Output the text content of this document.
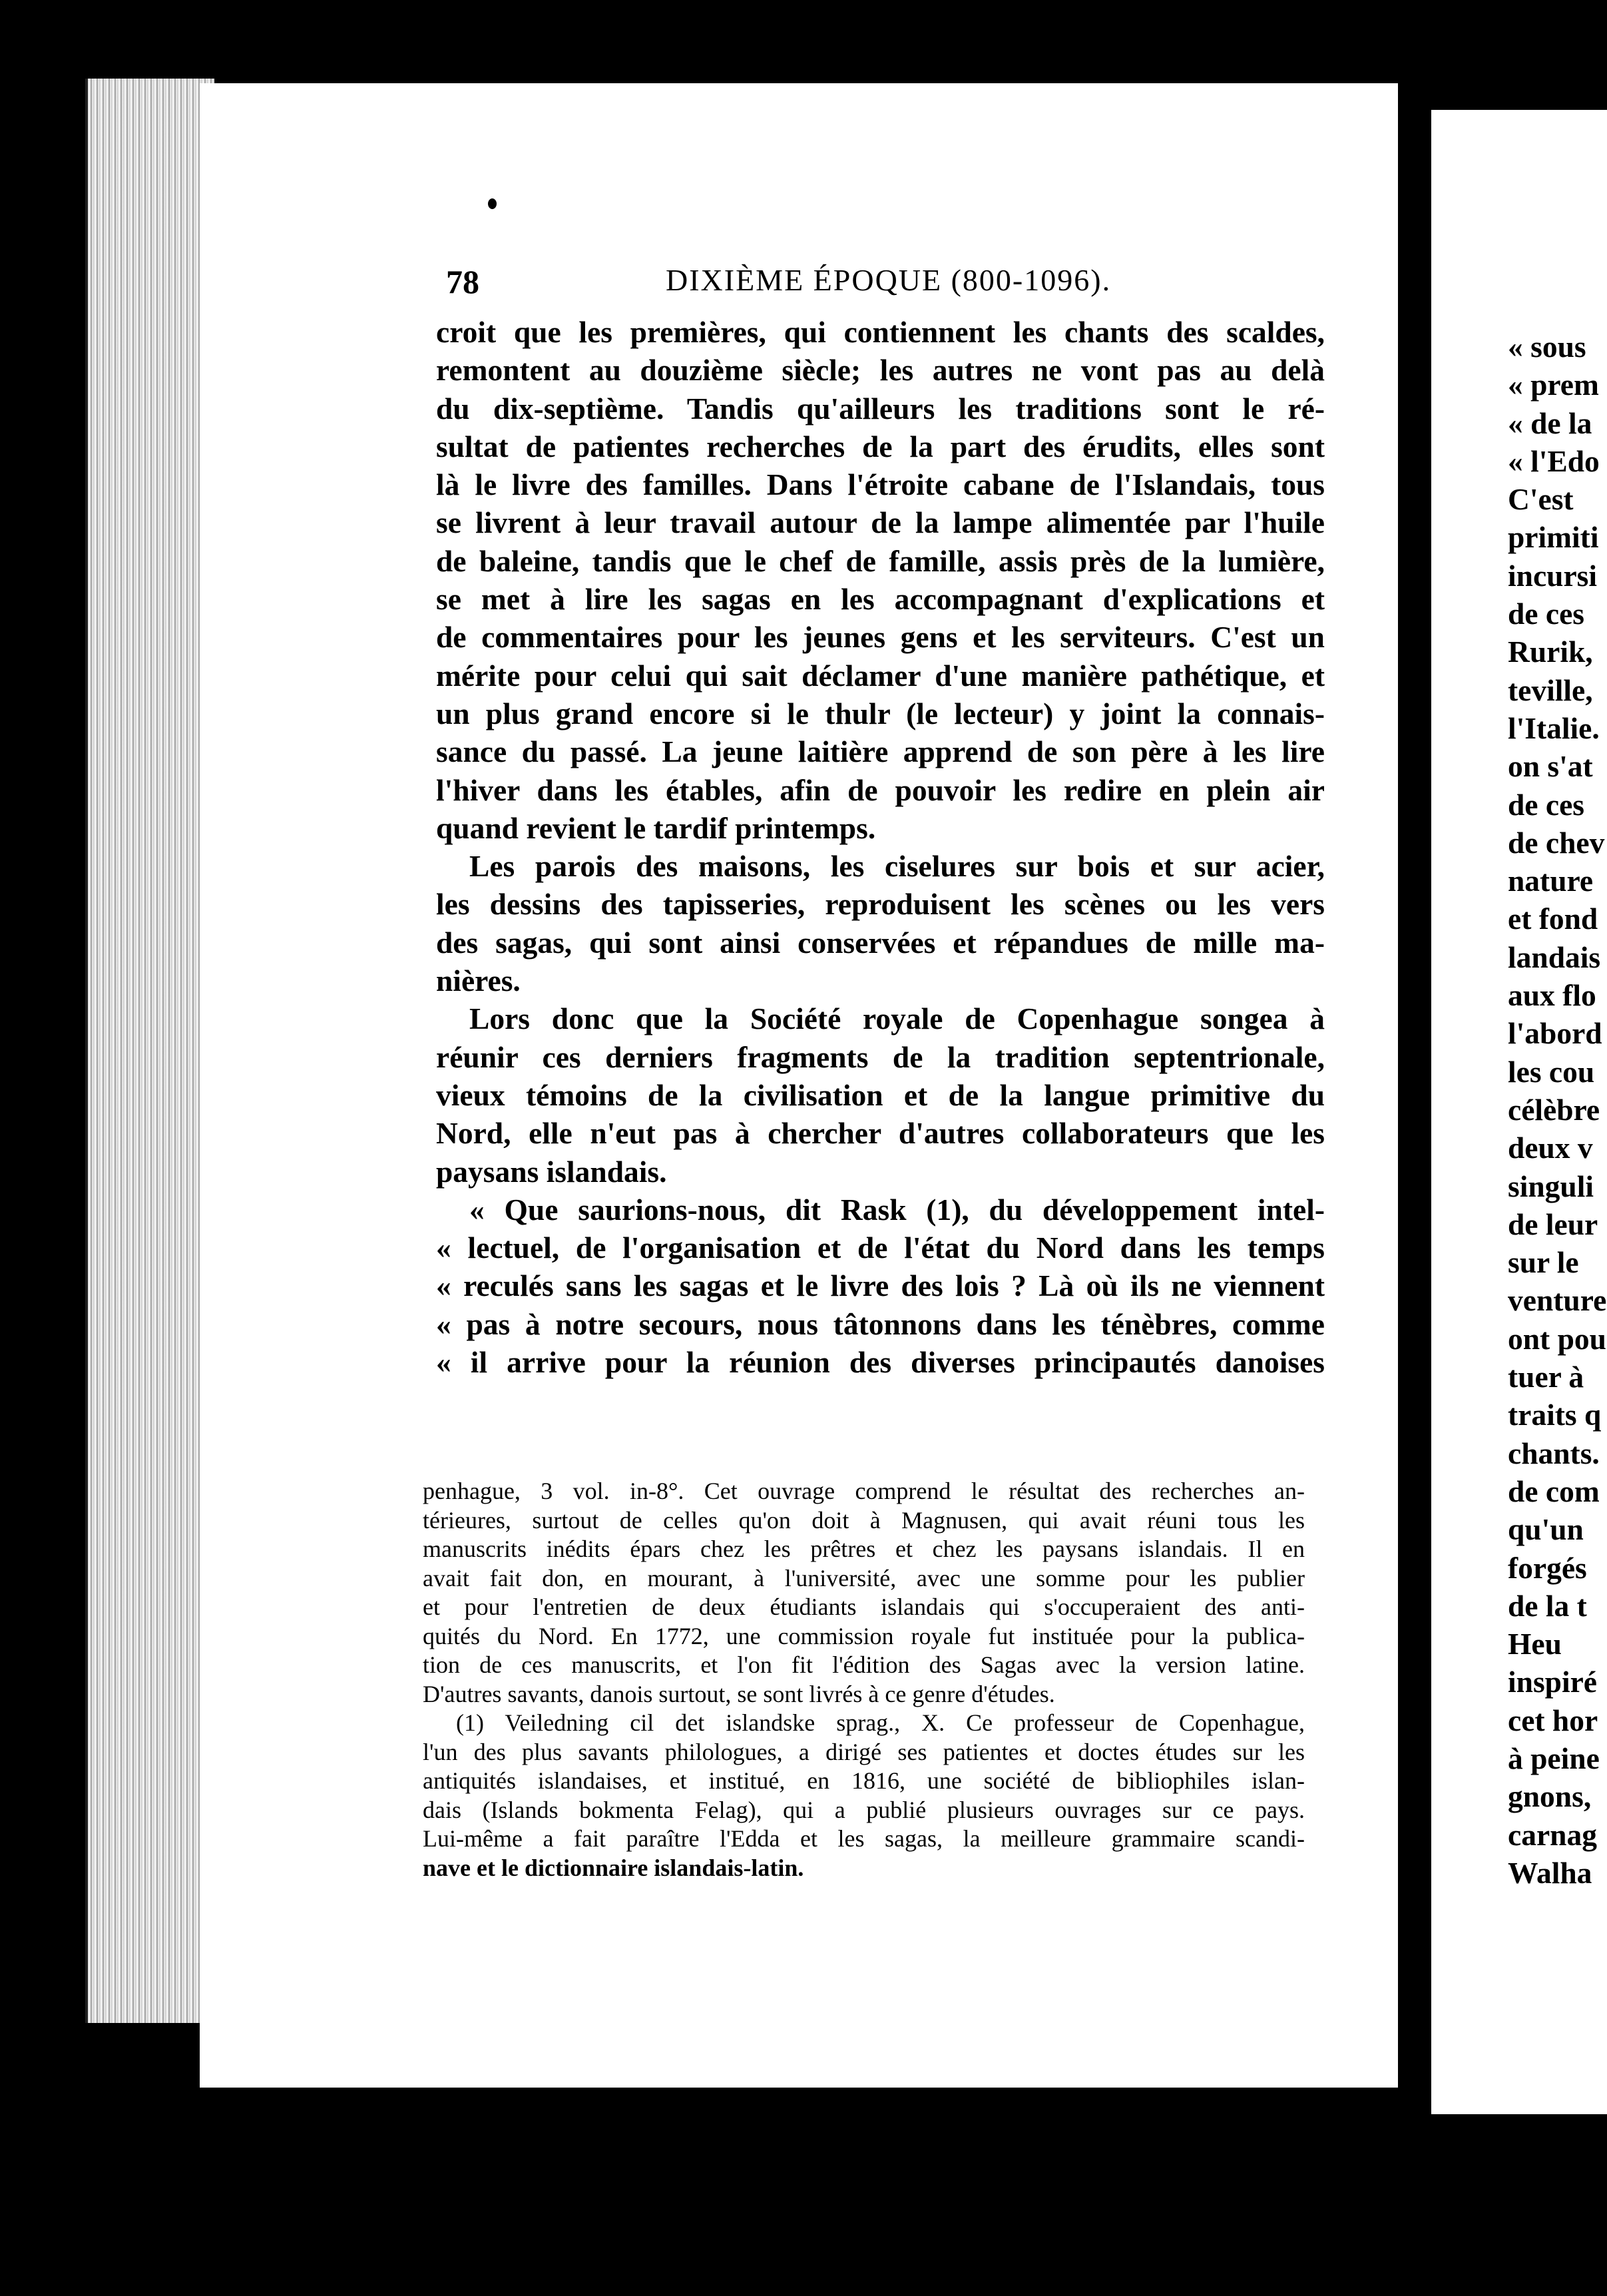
78	DIXIÈME ÉPOQUE (800-1096).
croit que les premières, qui contiennent les chants des scaldes,
remontent au douzième siècle; les autres ne vont pas au delà
du dix-septième. Tandis qu'ailleurs les traditions sont le ré-
sultat de patientes recherches de la part des érudits, elles sont
là le livre des familles. Dans l'étroite cabane de l'Islandais, tous
se livrent à leur travail autour de la lampe alimentée par l'huile
de baleine, tandis que le chef de famille, assis près de la lumière,
se met à lire les sagas en les accompagnant d'explications et
de commentaires pour les jeunes gens et les serviteurs. C'est un
mérite pour celui qui sait déclamer d'une manière pathétique, et
un plus grand encore si le thulr (le lecteur) y joint la connais-
sance du passé. La jeune laitière apprend de son père à les lire
l'hiver dans les étables, afin de pouvoir les redire en plein air
quand revient le tardif printemps.
Les parois des maisons, les ciselures sur bois et sur acier,
les dessins des tapisseries, reproduisent les scènes ou les vers
des sagas, qui sont ainsi conservées et répandues de mille ma-
nières.
Lors donc que la Société royale de Copenhague songea à
réunir ces derniers fragments de la tradition septentrionale,
vieux témoins de la civilisation et de la langue primitive du
Nord, elle n'eut pas à chercher d'autres collaborateurs que les
paysans islandais.
« Que saurions-nous, dit Rask (1), du développement intel-
« lectuel, de l'organisation et de l'état du Nord dans les temps
« reculés sans les sagas et le livre des lois ? Là où ils ne viennent
« pas à notre secours, nous tâtonnons dans les ténèbres, comme
« il arrive pour la réunion des diverses principautés danoises
penhague, 3 vol. in-8°. Cet ouvrage comprend le résultat des recherches an-
térieures, surtout de celles qu'on doit à Magnusen, qui avait réuni tous les
manuscrits inédits épars chez les prêtres et chez les paysans islandais. Il en
avait fait don, en mourant, à l'université, avec une somme pour les publier
et pour l'entretien de deux étudiants islandais qui s'occuperaient des anti-
quités du Nord. En 1772, une commission royale fut instituée pour la publica-
tion de ces manuscrits, et l'on fit l'édition des Sagas avec la version latine.
D'autres savants, danois surtout, se sont livrés à ce genre d'études.
(1) Veiledning cil det islandske sprag., X. Ce professeur de Copenhague,
l'un des plus savants philologues, a dirigé ses patientes et doctes études sur les
antiquités islandaises, et institué, en 1816, une société de bibliophiles islan-
dais (Islands bokmenta Felag), qui a publié plusieurs ouvrages sur ce pays.
Lui-même a fait paraître l'Edda et les sagas, la meilleure grammaire scandi-
nave et le dictionnaire islandais-latin.
« sous
« prem
« de la
« l'Edo
C'est
primiti
incursi
de ces
Rurik,
teville,
l'Italie.
on s'at
de ces
de chev
nature
et fond
landais
aux flo
l'abord
les cou
célèbre
deux v
singuli
de leur
sur le
venture
ont pou
tuer à
traits q
chants.
de com
qu'un
forgés
de la t
Heu
inspiré
cet hor
à peine
gnons,
carnag
Walha
